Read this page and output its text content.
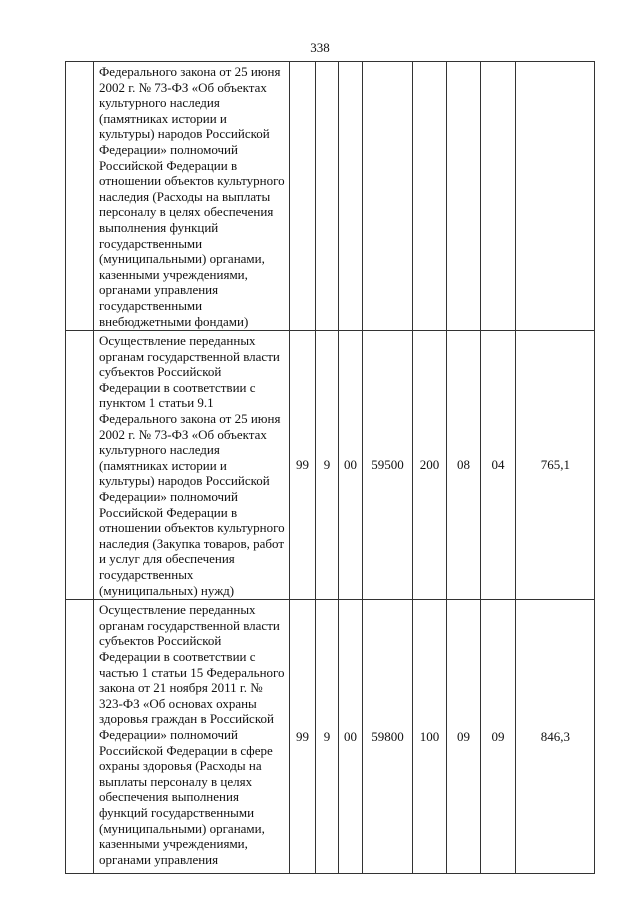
338
	Федерального закона от 25 июня 2002 г. № 73-ФЗ «Об объектах культурного наследия (памятниках истории и культуры) народов Российской Федерации» полномочий Российской Федерации в отношении объектов культурного наследия (Расходы на выплаты персоналу в целях обеспечения выполнения функций государственными (муниципальными) органами, казенными учреждениями, органами управления государственными внебюджетными фондами)								
	Осуществление переданных органам государственной власти субъектов Российской Федерации в соответствии с пунктом 1 статьи 9.1 Федерального закона от 25 июня 2002 г. № 73-ФЗ «Об объектах культурного наследия (памятниках истории и культуры) народов Российской Федерации» полномочий Российской Федерации в отношении объектов культурного наследия (Закупка товаров, работ и услуг для обеспечения государственных (муниципальных) нужд)	99	9	00	59500	200	08	04	765,1
	Осуществление переданных органам государственной власти субъектов Российской Федерации в соответствии с частью 1 статьи 15 Федерального закона от 21 ноября 2011 г. № 323-ФЗ «Об основах охраны здоровья граждан в Российской Федерации» полномочий Российской Федерации в сфере охраны здоровья (Расходы на выплаты персоналу в целях обеспечения выполнения функций государственными (муниципальными) органами, казенными учреждениями, органами управления	99	9	00	59800	100	09	09	846,3
